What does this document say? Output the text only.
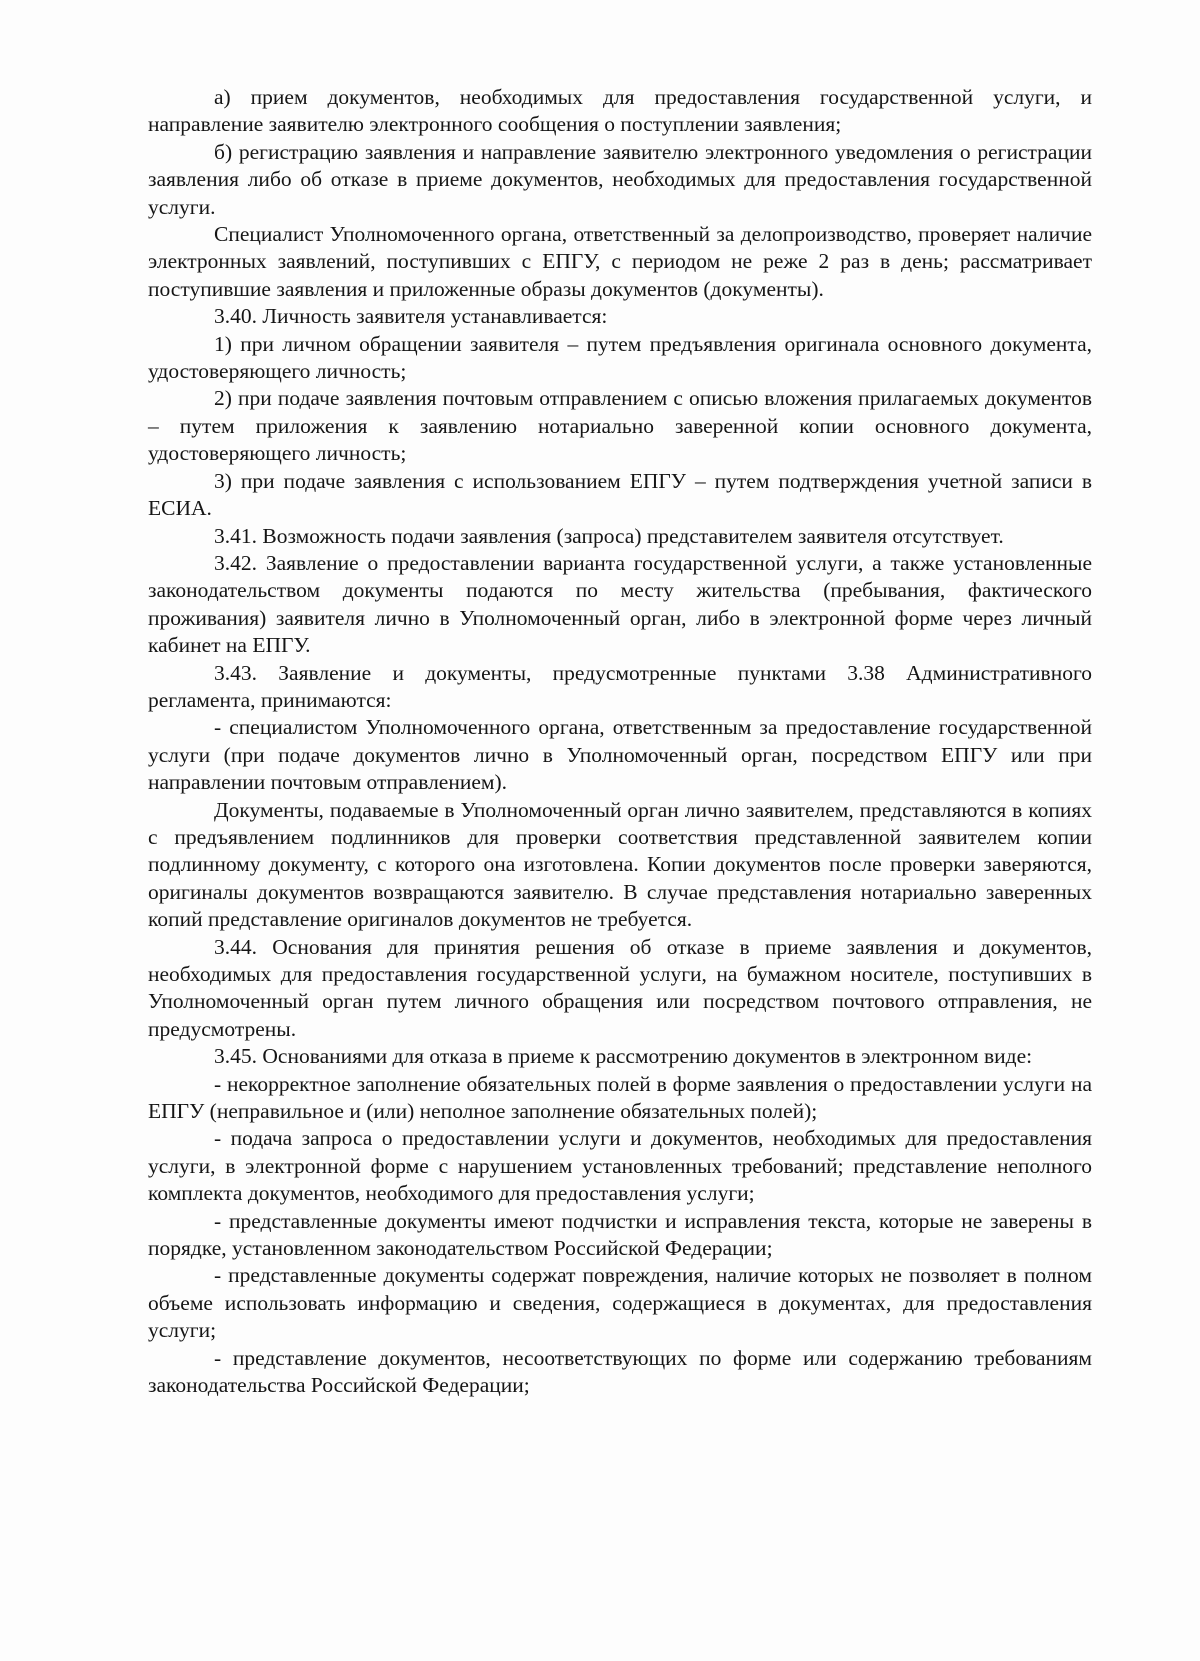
а) прием документов, необходимых для предоставления государственной услуги, и направление заявителю электронного сообщения о поступлении заявления;

б) регистрацию заявления и направление заявителю электронного уведомления о регистрации заявления либо об отказе в приеме документов, необходимых для предоставления государственной услуги.

Специалист Уполномоченного органа, ответственный за делопроизводство, проверяет наличие электронных заявлений, поступивших с ЕПГУ, с периодом не реже 2 раз в день; рассматривает поступившие заявления и приложенные образы документов (документы).

3.40. Личность заявителя устанавливается:

1) при личном обращении заявителя – путем предъявления оригинала основного документа, удостоверяющего личность;

2) при подаче заявления почтовым отправлением с описью вложения прилагаемых документов – путем приложения к заявлению нотариально заверенной копии основного документа, удостоверяющего личность;

3) при подаче заявления с использованием ЕПГУ – путем подтверждения учетной записи в ЕСИА.

3.41. Возможность подачи заявления (запроса) представителем заявителя отсутствует.

3.42. Заявление о предоставлении варианта государственной услуги, а также установленные законодательством документы подаются по месту жительства (пребывания, фактического проживания) заявителя лично в Уполномоченный орган, либо в электронной форме через личный кабинет на ЕПГУ.

3.43. Заявление и документы, предусмотренные пунктами 3.38 Административного регламента, принимаются:

- специалистом Уполномоченного органа, ответственным за предоставление государственной услуги (при подаче документов лично в Уполномоченный орган, посредством ЕПГУ или при направлении почтовым отправлением).

Документы, подаваемые в Уполномоченный орган лично заявителем, представляются в копиях с предъявлением подлинников для проверки соответствия представленной заявителем копии подлинному документу, с которого она изготовлена. Копии документов после проверки заверяются, оригиналы документов возвращаются заявителю. В случае представления нотариально заверенных копий представление оригиналов документов не требуется.

3.44. Основания для принятия решения об отказе в приеме заявления и документов, необходимых для предоставления государственной услуги, на бумажном носителе, поступивших в Уполномоченный орган путем личного обращения или посредством почтового отправления, не предусмотрены.

3.45. Основаниями для отказа в приеме к рассмотрению документов в электронном виде:

- некорректное заполнение обязательных полей в форме заявления о предоставлении услуги на ЕПГУ (неправильное и (или) неполное заполнение обязательных полей);

- подача запроса о предоставлении услуги и документов, необходимых для предоставления услуги, в электронной форме с нарушением установленных требований; представление неполного комплекта документов, необходимого для предоставления услуги;

- представленные документы имеют подчистки и исправления текста, которые не заверены в порядке, установленном законодательством Российской Федерации;

- представленные документы содержат повреждения, наличие которых не позволяет в полном объеме использовать информацию и сведения, содержащиеся в документах, для предоставления услуги;

- представление документов, несоответствующих по форме или содержанию требованиям законодательства Российской Федерации;
